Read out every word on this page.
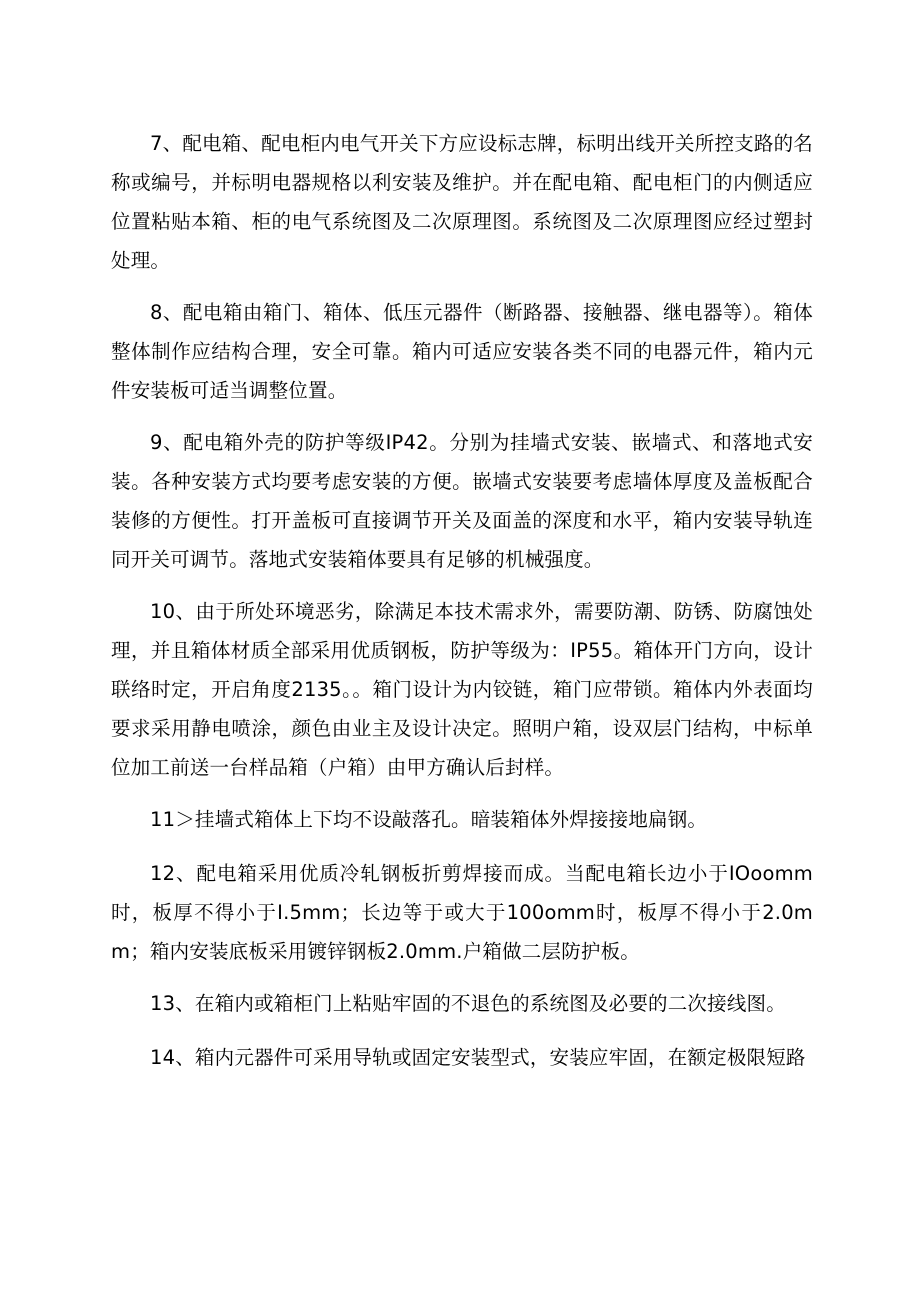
7、配电箱、配电柜内电气开关下方应设标志牌，标明出线开关所控支路的名称或编号，并标明电器规格以利安装及维护。并在配电箱、配电柜门的内侧适应位置粘贴本箱、柜的电气系统图及二次原理图。系统图及二次原理图应经过塑封处理。

8、配电箱由箱门、箱体、低压元器件（断路器、接触器、继电器等）。箱体整体制作应结构合理，安全可靠。箱内可适应安装各类不同的电器元件，箱内元件安装板可适当调整位置。

9、配电箱外壳的防护等级IP42。分别为挂墙式安装、嵌墙式、和落地式安装。各种安装方式均要考虑安装的方便。嵌墙式安装要考虑墙体厚度及盖板配合装修的方便性。打开盖板可直接调节开关及面盖的深度和水平，箱内安装导轨连同开关可调节。落地式安装箱体要具有足够的机械强度。

10、由于所处环境恶劣，除满足本技术需求外，需要防潮、防锈、防腐蚀处理，并且箱体材质全部采用优质钢板，防护等级为：IP55。箱体开门方向，设计联络时定，开启角度2135。。箱门设计为内铰链，箱门应带锁。箱体内外表面均要求采用静电喷涂，颜色由业主及设计决定。照明户箱，设双层门结构，中标单位加工前送一台样品箱（户箱）由甲方确认后封样。

11＞挂墙式箱体上下均不设敲落孔。暗装箱体外焊接接地扁钢。

12、配电箱采用优质冷轧钢板折剪焊接而成。当配电箱长边小于IOoomm时，板厚不得小于I.5mm；长边等于或大于100omm时，板厚不得小于2.0mm；箱内安装底板采用镀锌钢板2.0mm.户箱做二层防护板。

13、在箱内或箱柜门上粘贴牢固的不退色的系统图及必要的二次接线图。

14、箱内元器件可采用导轨或固定安装型式，安装应牢固，在额定极限短路
